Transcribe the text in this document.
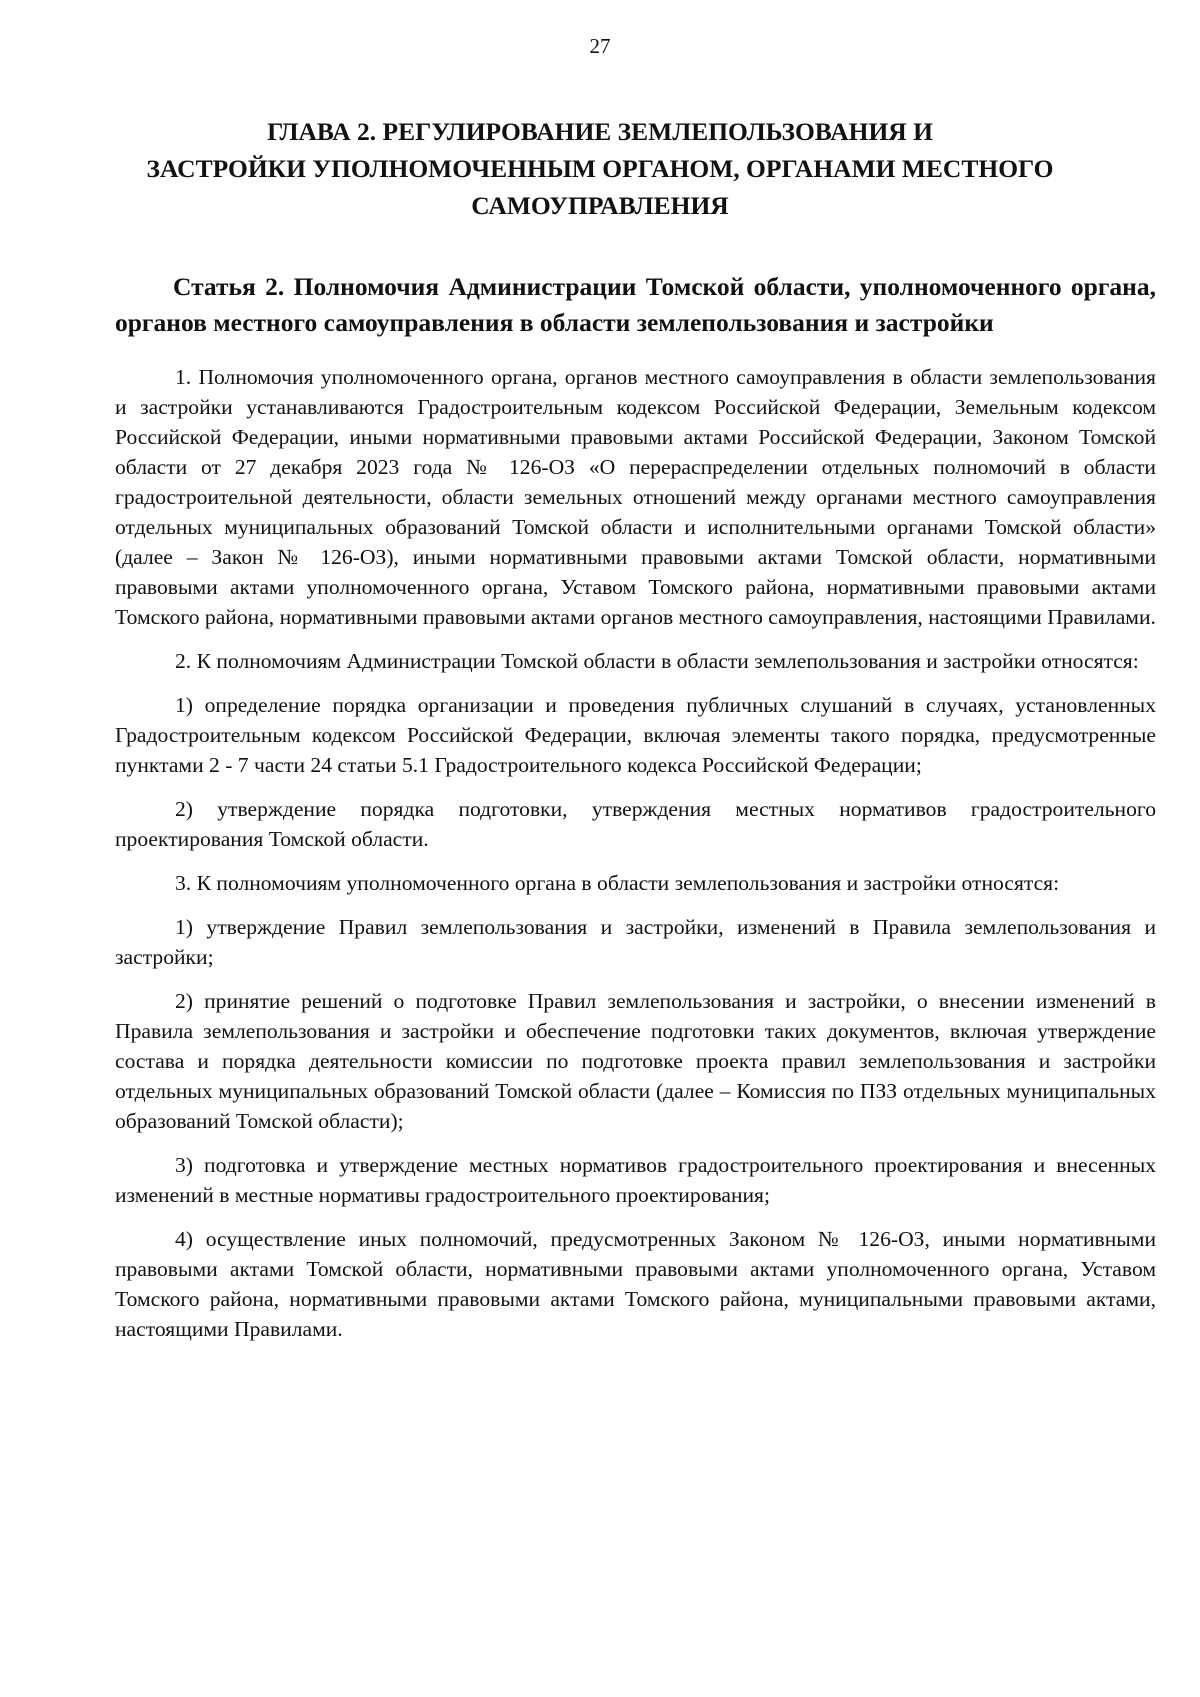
27
ГЛАВА 2. РЕГУЛИРОВАНИЕ ЗЕМЛЕПОЛЬЗОВАНИЯ И
ЗАСТРОЙКИ УПОЛНОМОЧЕННЫМ ОРГАНОМ, ОРГАНАМИ МЕСТНОГО
САМОУПРАВЛЕНИЯ
Статья 2. Полномочия Администрации Томской области, уполномоченного органа, органов местного самоуправления в области землепользования и застройки

1. Полномочия уполномоченного органа, органов местного самоуправления в области землепользования и застройки устанавливаются Градостроительным кодексом Российской Федерации, Земельным кодексом Российской Федерации, иными нормативными правовыми актами Российской Федерации, Законом Томской области от 27 декабря 2023 года № 126-ОЗ «О перераспределении отдельных полномочий в области градостроительной деятельности, области земельных отношений между органами местного самоуправления отдельных муниципальных образований Томской области и исполнительными органами Томской области» (далее – Закон № 126-ОЗ), иными нормативными правовыми актами Томской области, нормативными правовыми актами уполномоченного органа, Уставом Томского района, нормативными правовыми актами Томского района, нормативными правовыми актами органов местного самоуправления, настоящими Правилами.

2. К полномочиям Администрации Томской области в области землепользования и застройки относятся:

1) определение порядка организации и проведения публичных слушаний в случаях, установленных Градостроительным кодексом Российской Федерации, включая элементы такого порядка, предусмотренные пунктами 2 - 7 части 24 статьи 5.1 Градостроительного кодекса Российской Федерации;

2) утверждение порядка подготовки, утверждения местных нормативов градостроительного проектирования Томской области.

3. К полномочиям уполномоченного органа в области землепользования и застройки относятся:

1) утверждение Правил землепользования и застройки, изменений в Правила землепользования и застройки;

2) принятие решений о подготовке Правил землепользования и застройки, о внесении изменений в Правила землепользования и застройки и обеспечение подготовки таких документов, включая утверждение состава и порядка деятельности комиссии по подготовке проекта правил землепользования и застройки отдельных муниципальных образований Томской области (далее – Комиссия по ПЗЗ отдельных муниципальных образований Томской области);

3) подготовка и утверждение местных нормативов градостроительного проектирования и внесенных изменений в местные нормативы градостроительного проектирования;

4) осуществление иных полномочий, предусмотренных Законом № 126-ОЗ, иными нормативными правовыми актами Томской области, нормативными правовыми актами уполномоченного органа, Уставом Томского района, нормативными правовыми актами Томского района, муниципальными правовыми актами, настоящими Правилами.
